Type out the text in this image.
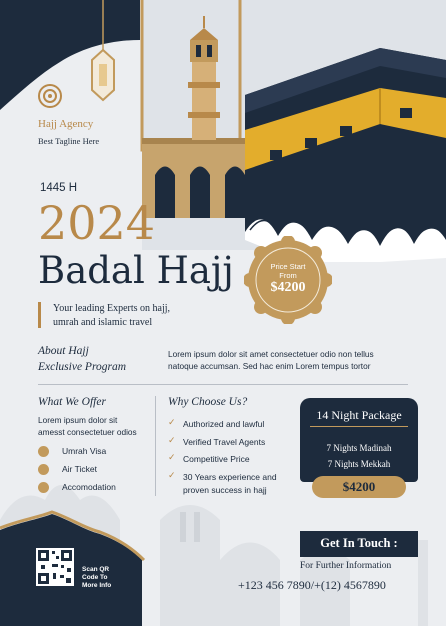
Hajj Agency
Best Tagline Here
1445 H
2024
Badal Hajj
Your leading Experts on hajj,
umrah and islamic travel
Price Start
From
$4200
About Hajj
Exclusive Program
Lorem ipsum dolor sit amet consectetuer odio non tellus
natoque accumsan. Sed hac enim Lorem tempus tortor
What We Offer
Lorem ipsum dolor sit
amesst consectetuer odios
Umrah Visa
Air Ticket
Accomodation
Why Choose Us?
✓ Authorized and lawful
✓ Verified Travel Agents
✓ Competitive Price
✓ 30 Years experience and
proven success in hajj
14 Night Package
7 Nights Madinah
7 Nights Mekkah
$4200
Get In Touch :
For Further Information
+123 456 7890/+(12) 4567890
Scan QR
Code To
More Info
